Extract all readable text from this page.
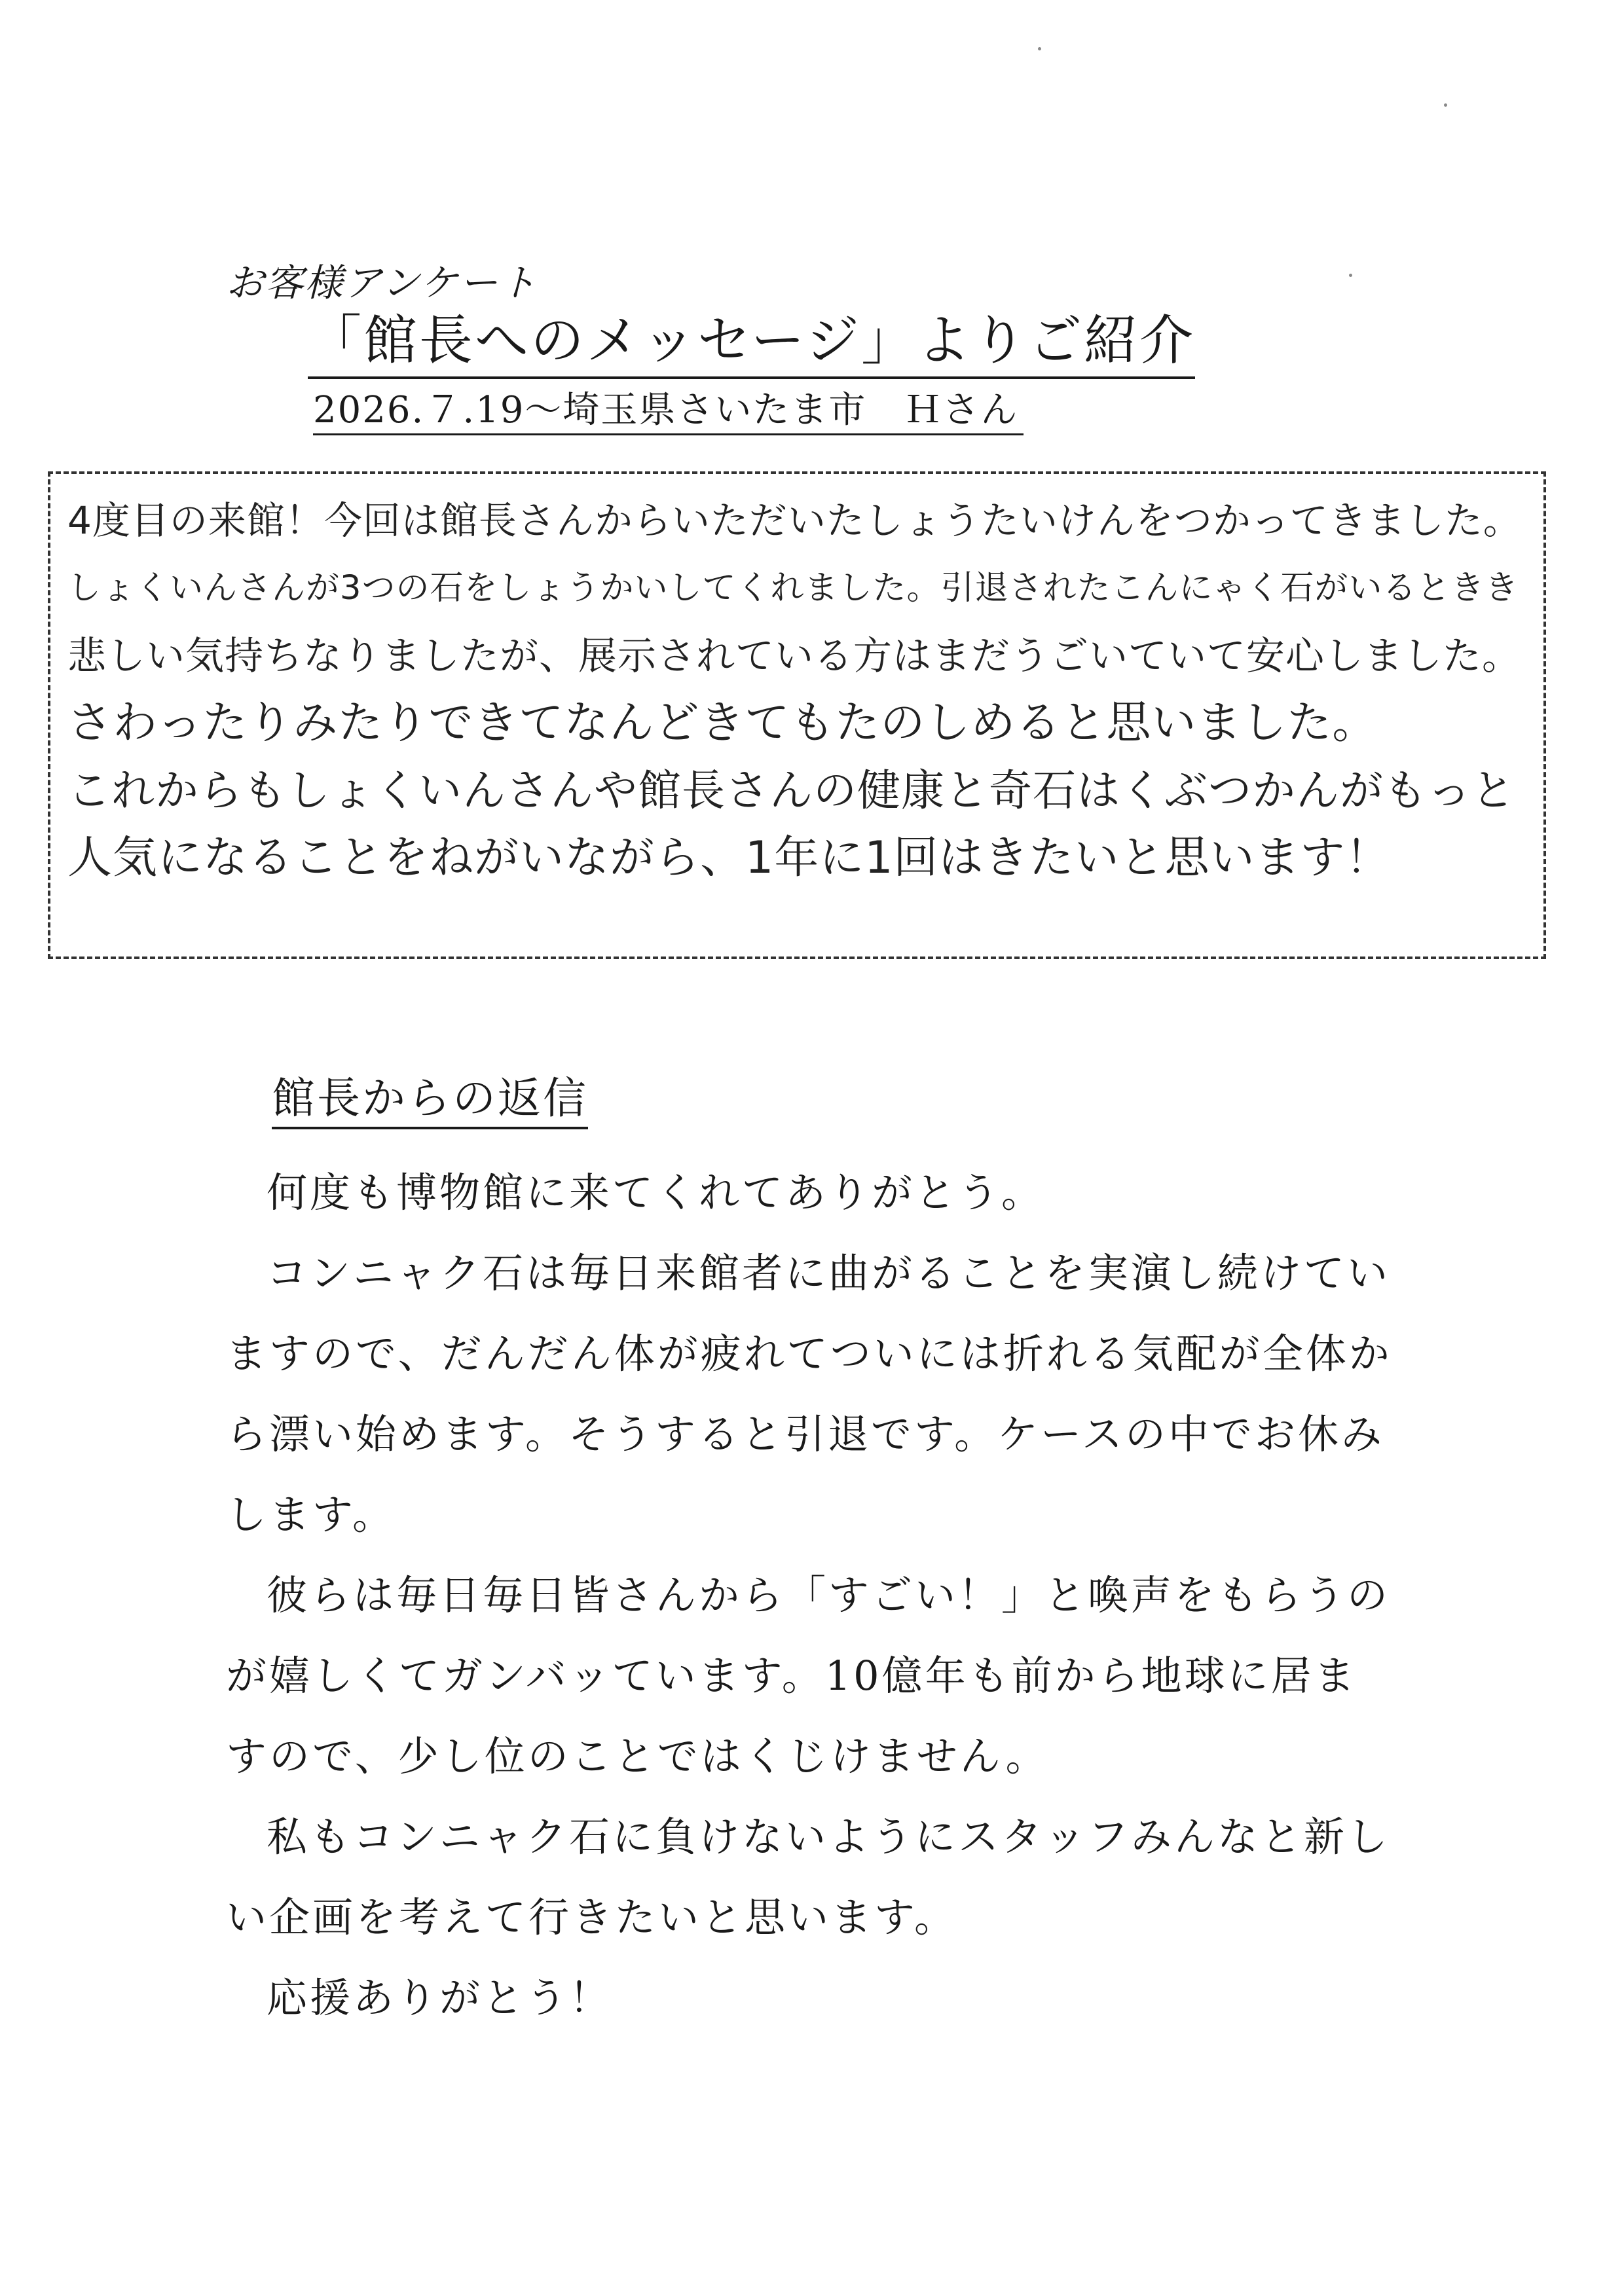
お客様アンケート
「館長へのメッセージ」よりご紹介
2026.７.19～埼玉県さいたま市　Ｈさん
4度目の来館！今回は館長さんからいただいたしょうたいけんをつかってきました。
しょくいんさんが3つの石をしょうかいしてくれました。引退されたこんにゃく石がいるときき
悲しい気持ちなりましたが、展示されている方はまだうごいていて安心しました。
さわったりみたりできてなんどきてもたのしめると思いました。
これからもしょくいんさんや館長さんの健康と奇石はくぶつかんがもっと
人気になることをねがいながら、1年に1回はきたいと思います！
館長からの返信

何度も博物館に来てくれてありがとう。

コンニャク石は毎日来館者に曲がることを実演し続けていますので、だんだん体が疲れてついには折れる気配が全体から漂い始めます。そうすると引退です。ケースの中でお休みします。

彼らは毎日毎日皆さんから「すごい！」と喚声をもらうのが嬉しくてガンバッています。10億年も前から地球に居ますので、少し位のことではくじけません。

私もコンニャク石に負けないようにスタッフみんなと新しい企画を考えて行きたいと思います。

応援ありがとう！
